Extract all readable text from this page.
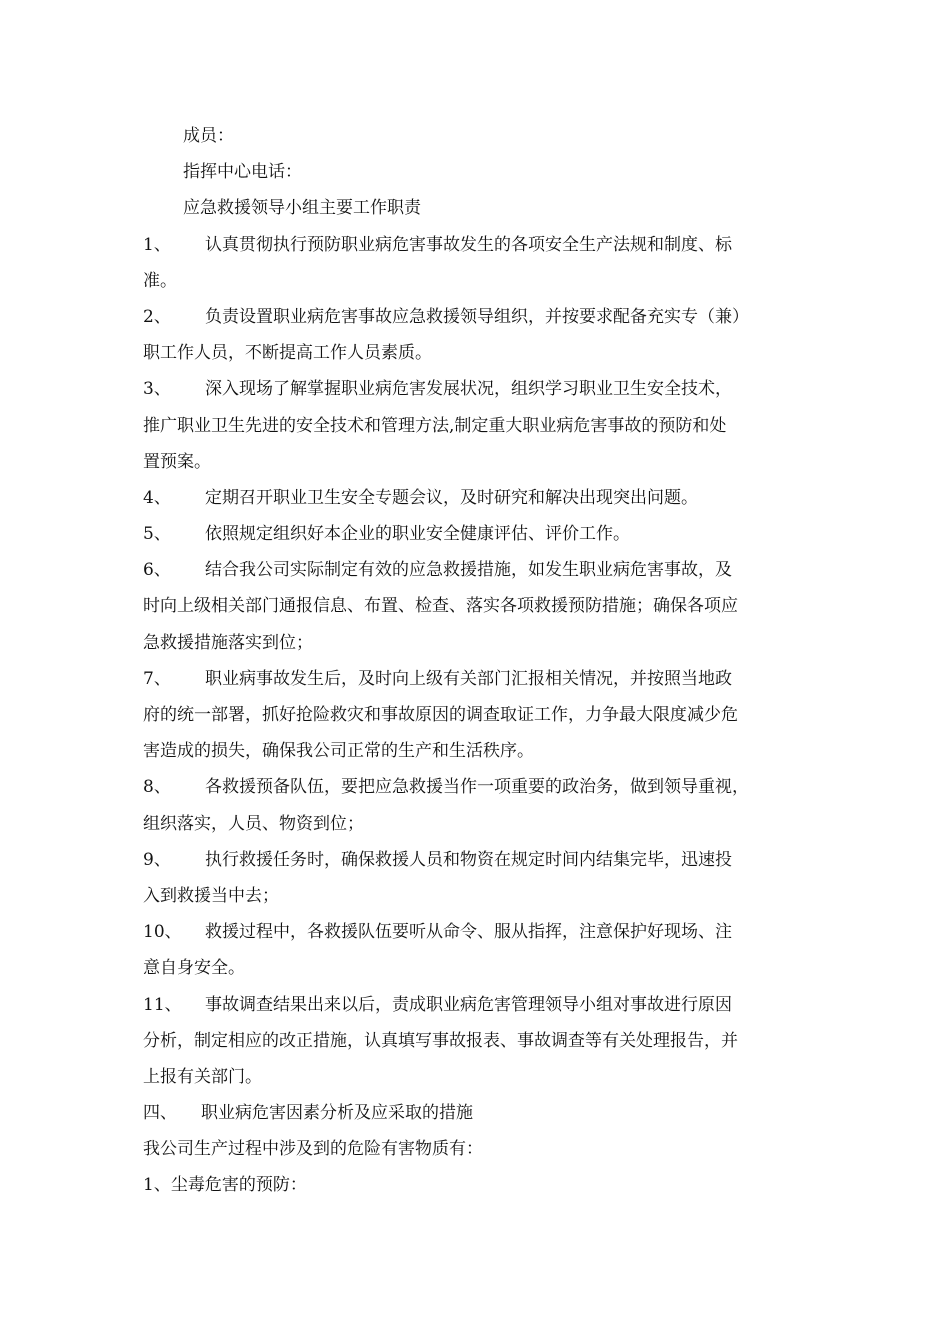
成员：
指挥中心电话：
应急救援领导小组主要工作职责
1、 认真贯彻执行预防职业病危害事故发生的各项安全生产法规和制度、标
准。
2、 负责设置职业病危害事故应急救援领导组织，并按要求配备充实专（兼）
职工作人员，不断提高工作人员素质。
3、 深入现场了解掌握职业病危害发展状况，组织学习职业卫生安全技术，
推广职业卫生先进的安全技术和管理方法,制定重大职业病危害事故的预防和处
置预案。
4、 定期召开职业卫生安全专题会议，及时研究和解决出现突出问题。
5、 依照规定组织好本企业的职业安全健康评估、评价工作。
6、 结合我公司实际制定有效的应急救援措施，如发生职业病危害事故，及
时向上级相关部门通报信息、布置、检查、落实各项救援预防措施；确保各项应
急救援措施落实到位；
7、 职业病事故发生后，及时向上级有关部门汇报相关情况，并按照当地政
府的统一部署，抓好抢险救灾和事故原因的调查取证工作，力争最大限度减少危
害造成的损失，确保我公司正常的生产和生活秩序。
8、 各救援预备队伍，要把应急救援当作一项重要的政治务，做到领导重视，
组织落实，人员、物资到位；
9、 执行救援任务时，确保救援人员和物资在规定时间内结集完毕，迅速投
入到救援当中去；
10、 救援过程中，各救援队伍要听从命令、服从指挥，注意保护好现场、注
意自身安全。
11、 事故调查结果出来以后，责成职业病危害管理领导小组对事故进行原因
分析，制定相应的改正措施，认真填写事故报表、事故调查等有关处理报告，并
上报有关部门。
四、 职业病危害因素分析及应采取的措施
我公司生产过程中涉及到的危险有害物质有：
1、尘毒危害的预防：
